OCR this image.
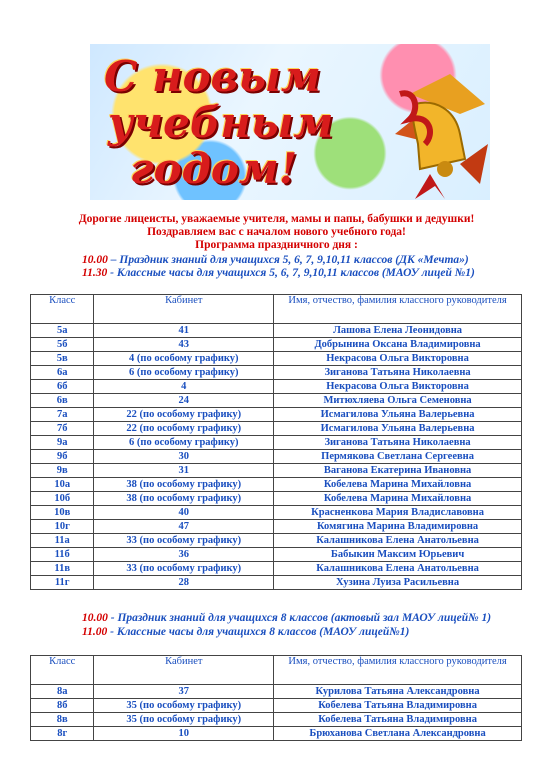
С новым
учебным
годом!
Дорогие лицеисты, уважаемые учителя, мамы и папы, бабушки и дедушки!
Поздравляем вас с началом нового учебного года!
Программа праздничного дня :
10.00 – Праздник знаний для учащихся 5, 6, 7, 9,10,11 классов (ДК «Мечта»)
11.30 - Классные часы для учащихся 5, 6, 7, 9,10,11 классов (МАОУ лицей №1)
Класс	Кабинет	Имя, отчество, фамилия классного руководителя
5а	41	Лашова Елена Леонидовна
5б	43	Добрынина Оксана Владимировна
5в	4 (по особому графику)	Некрасова Ольга Викторовна
6а	6 (по особому графику)	Зиганова Татьяна Николаевна
6б	4	Некрасова Ольга Викторовна
6в	24	Митюхляева Ольга Семеновна
7а	22 (по особому графику)	Исмагилова Ульяна Валерьевна
7б	22 (по особому графику)	Исмагилова Ульяна Валерьевна
9а	6 (по особому графику)	Зиганова Татьяна Николаевна
9б	30	Пермякова Светлана Сергеевна
9в	31	Ваганова Екатерина Ивановна
10а	38 (по особому графику)	Кобелева Марина Михайловна
10б	38 (по особому графику)	Кобелева Марина Михайловна
10в	40	Красненкова Мария Владиславовна
10г	47	Комягина Марина Владимировна
11а	33 (по особому графику)	Калашникова Елена Анатольевна
11б	36	Бабыкин Максим Юрьевич
11в	33 (по особому графику)	Калашникова Елена Анатольевна
11г	28	Хузина Луиза Расильевна
10.00 - Праздник знаний для учащихся 8 классов (актовый зал МАОУ лицей№ 1)
11.00 - Классные часы для учащихся 8 классов (МАОУ лицей№1)
Класс	Кабинет	Имя, отчество, фамилия классного руководителя
8а	37	Курилова Татьяна Александровна
8б	35 (по особому графику)	Кобелева Татьяна Владимировна
8в	35 (по особому графику)	Кобелева Татьяна Владимировна
8г	10	Брюханова Светлана Александровна
